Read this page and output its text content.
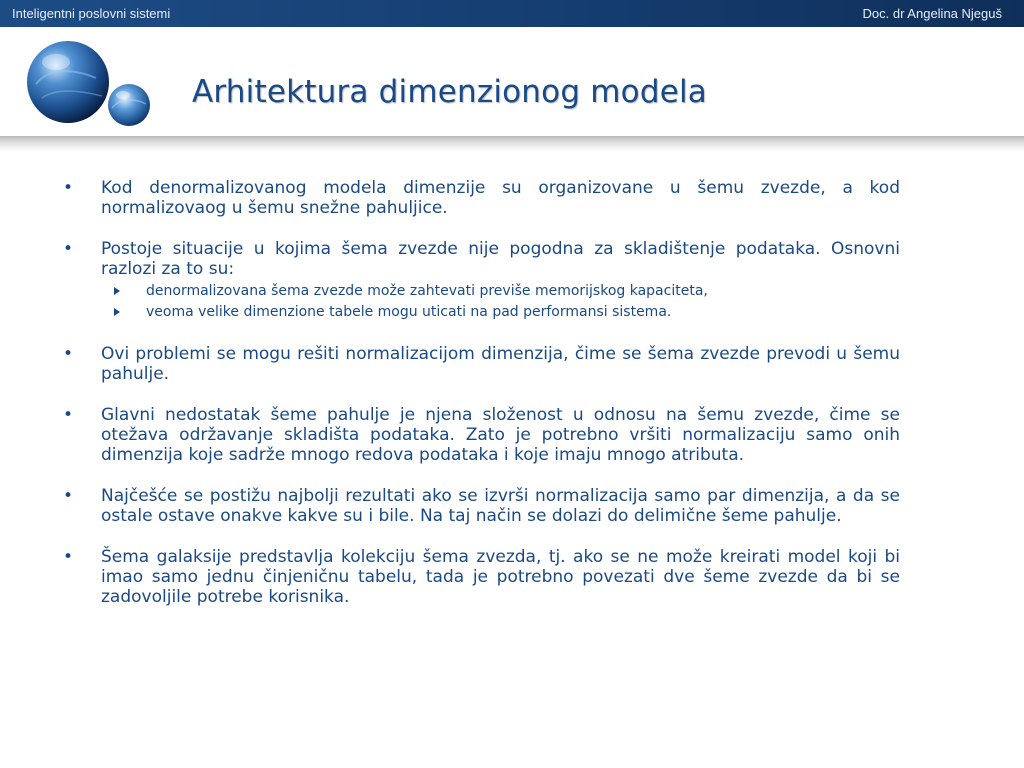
Inteligentni poslovni sistemi	Doc. dr Angelina Njeguš
Arhitektura dimenzionog modela
• Kod denormalizovanog modela dimenzije su organizovane u šemu zvezde, a kod normalizovaog u šemu snežne pahuljice.
• Postoje situacije u kojima šema zvezde nije pogodna za skladištenje podataka. Osnovni razlozi za to su:
denormalizovana šema zvezde može zahtevati previše memorijskog kapaciteta,
veoma velike dimenzione tabele mogu uticati na pad performansi sistema.
• Ovi problemi se mogu rešiti normalizacijom dimenzija, čime se šema zvezde prevodi u šemu pahulje.
• Glavni nedostatak šeme pahulje je njena složenost u odnosu na šemu zvezde, čime se otežava održavanje skladišta podataka. Zato je potrebno vršiti normalizaciju samo onih dimenzija koje sadrže mnogo redova podataka i koje imaju mnogo atributa.
• Najčešće se postižu najbolji rezultati ako se izvrši normalizacija samo par dimenzija, a da se ostale ostave onakve kakve su i bile. Na taj način se dolazi do delimične šeme pahulje.
• Šema galaksije predstavlja kolekciju šema zvezda, tj. ako se ne može kreirati model koji bi imao samo jednu činjeničnu tabelu, tada je potrebno povezati dve šeme zvezde da bi se zadovoljile potrebe korisnika.
